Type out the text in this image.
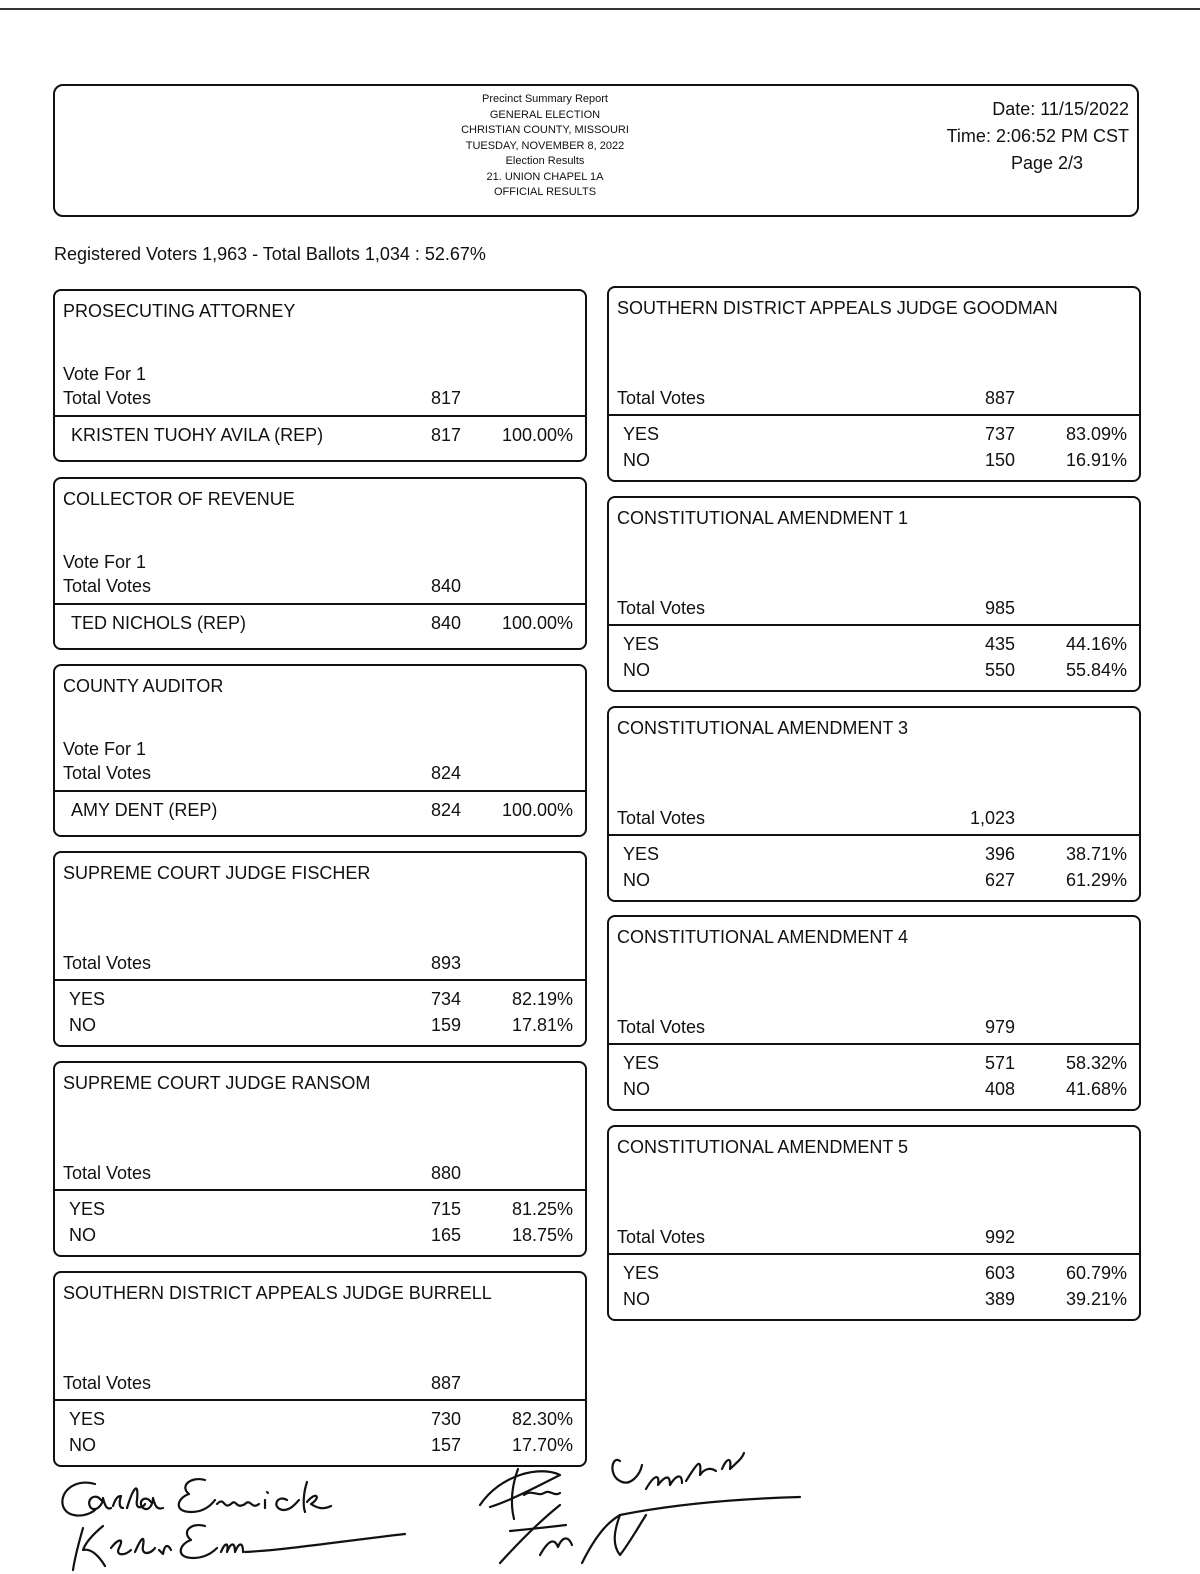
Precinct Summary Report
GENERAL ELECTION
CHRISTIAN COUNTY, MISSOURI
TUESDAY, NOVEMBER 8, 2022
Election Results
21. UNION CHAPEL 1A
OFFICIAL RESULTS
Date: 11/15/2022
Time: 2:06:52 PM CST
Page 2/3
Registered Voters 1,963 - Total Ballots 1,034 : 52.67%
PROSECUTING ATTORNEY
Vote For 1
Total Votes	817
KRISTEN TUOHY AVILA (REP)	817 100.00%
COLLECTOR OF REVENUE
Vote For 1
Total Votes	840
TED NICHOLS (REP)	840 100.00%
COUNTY AUDITOR
Vote For 1
Total Votes	824
AMY DENT (REP)	824 100.00%
SUPREME COURT JUDGE FISCHER
Total Votes	893
YES	734	82.19%
NO	159	17.81%
SUPREME COURT JUDGE RANSOM
Total Votes	880
YES	715	81.25%
NO	165	18.75%
SOUTHERN DISTRICT APPEALS JUDGE BURRELL
Total Votes	887
YES	730	82.30%
NO	157	17.70%
SOUTHERN DISTRICT APPEALS JUDGE GOODMAN
Total Votes	887
YES	737	83.09%
NO	150	16.91%
CONSTITUTIONAL AMENDMENT 1
Total Votes	985
YES	435	44.16%
NO	550	55.84%
CONSTITUTIONAL AMENDMENT 3
Total Votes	1,023
YES	396	38.71%
NO	627	61.29%
CONSTITUTIONAL AMENDMENT 4
Total Votes	979
YES	571	58.32%
NO	408	41.68%
CONSTITUTIONAL AMENDMENT 5
Total Votes	992
YES	603	60.79%
NO	389	39.21%
